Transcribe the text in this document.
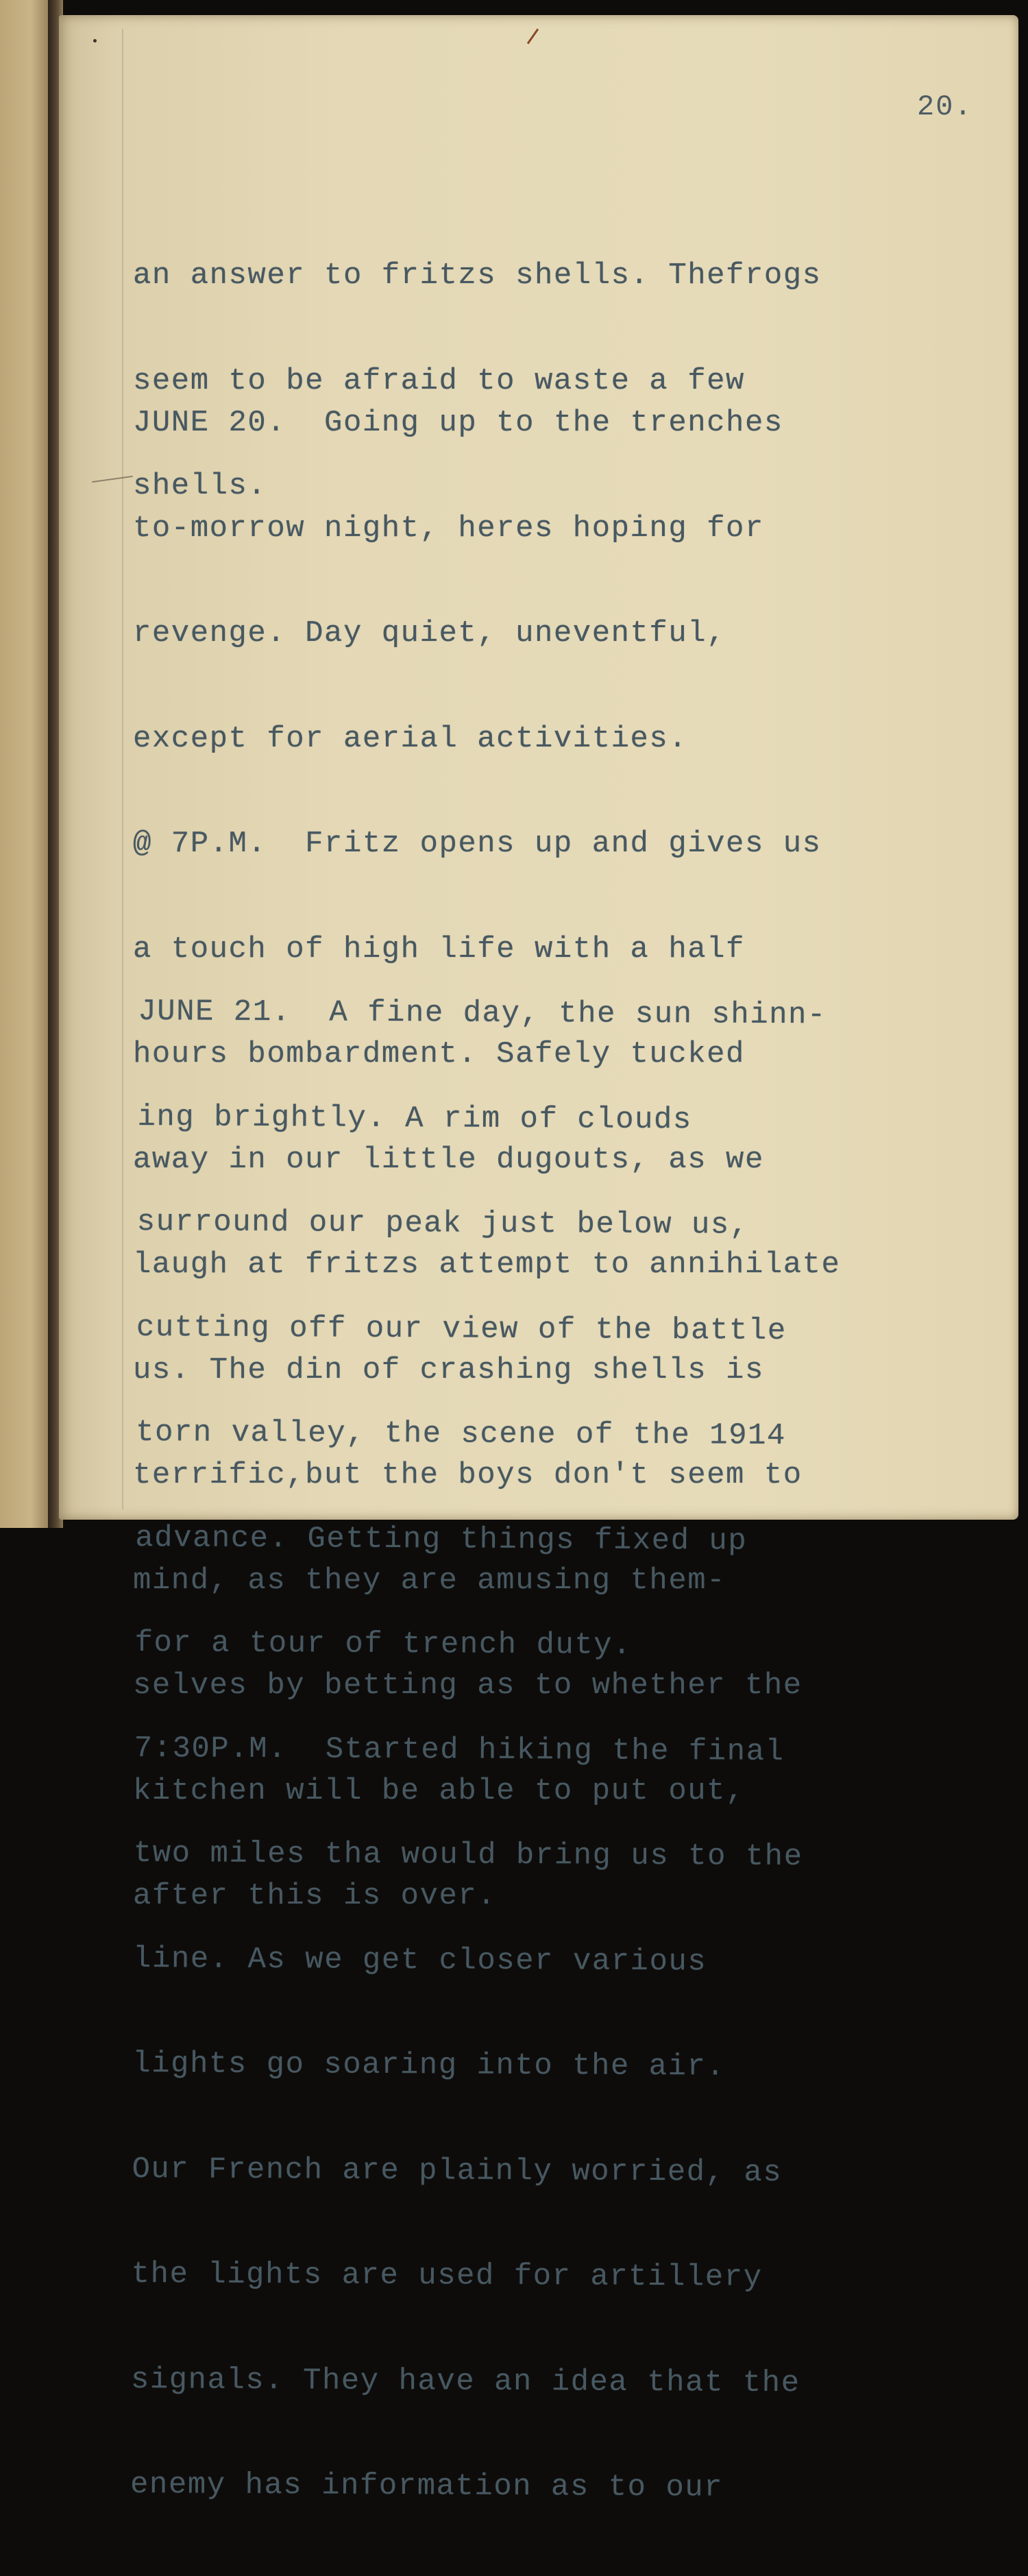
20.

an answer to fritzs shells. Thefrogs

seem to be afraid to waste a few

shells.

JUNE 20.  Going up to the trenches

to-morrow night, heres hoping for

revenge. Day quiet, uneventful,

except for aerial activities.

@ 7P.M.  Fritz opens up and gives us

a touch of high life with a half

hours bombardment. Safely tucked

away in our little dugouts, as we

laugh at fritzs attempt to annihilate

us. The din of crashing shells is

terrific,but the boys don't seem to

mind, as they are amusing them-

selves by betting as to whether the

kitchen will be able to put out,

after this is over.

JUNE 21.  A fine day, the sun shinn-

ing brightly. A rim of clouds

surround our peak just below us,

cutting off our view of the battle

torn valley, the scene of the 1914

advance. Getting things fixed up

for a tour of trench duty.

7:30P.M.  Started hiking the final

two miles tha would bring us to the

line. As we get closer various

lights go soaring into the air.

Our French are plainly worried, as

the lights are used for artillery

signals. They have an idea that the

enemy has information as to our
